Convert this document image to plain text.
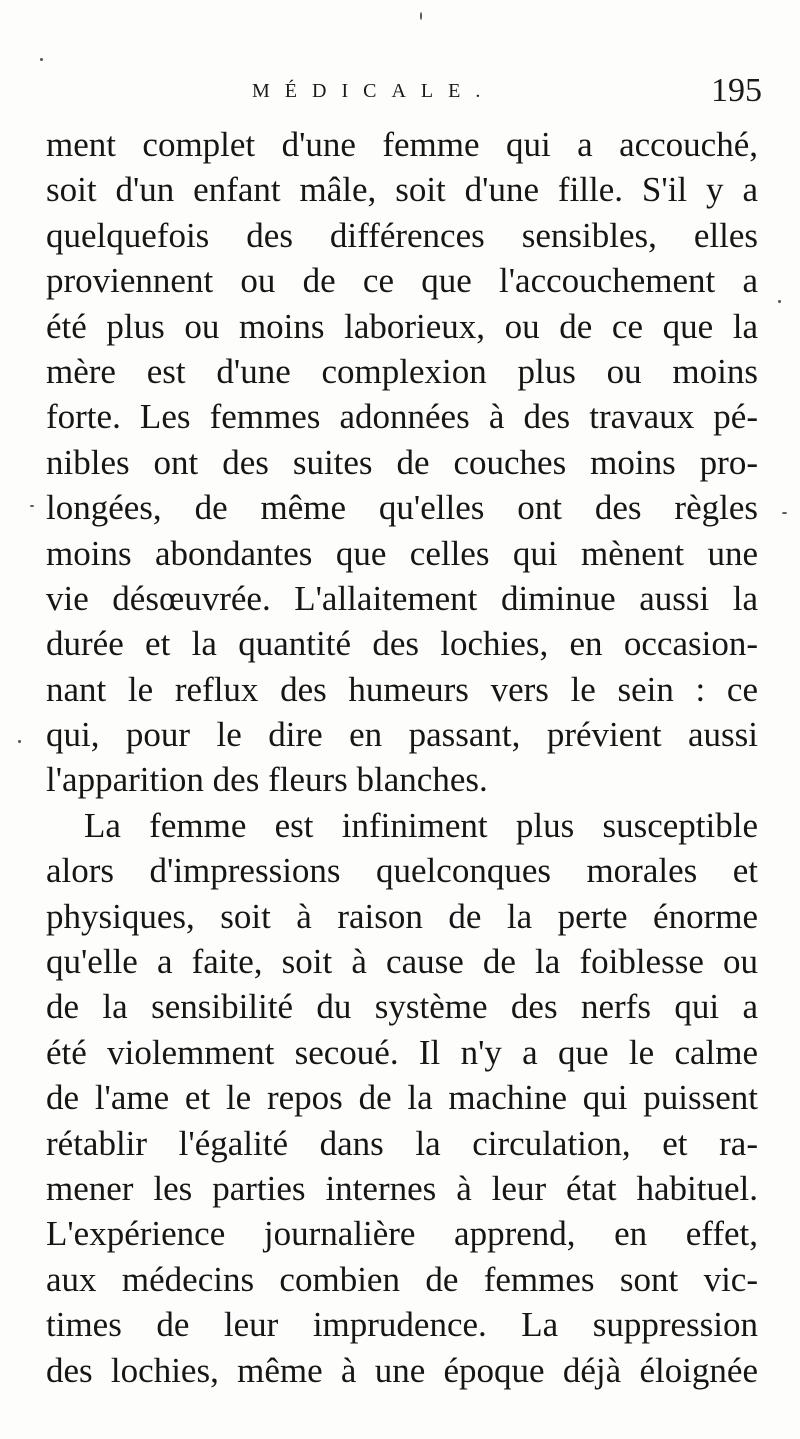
MÉDICALE.	195
ment complet d'une femme qui a accouché,
soit d'un enfant mâle, soit d'une fille. S'il y a
quelquefois des différences sensibles, elles
proviennent ou de ce que l'accouchement a
été plus ou moins laborieux, ou de ce que la
mère est d'une complexion plus ou moins
forte. Les femmes adonnées à des travaux pé-
nibles ont des suites de couches moins pro-
longées, de même qu'elles ont des règles
moins abondantes que celles qui mènent une
vie désœuvrée. L'allaitement diminue aussi la
durée et la quantité des lochies, en occasion-
nant le reflux des humeurs vers le sein : ce
qui, pour le dire en passant, prévient aussi
l'apparition des fleurs blanches.
La femme est infiniment plus susceptible
alors d'impressions quelconques morales et
physiques, soit à raison de la perte énorme
qu'elle a faite, soit à cause de la foiblesse ou
de la sensibilité du système des nerfs qui a
été violemment secoué. Il n'y a que le calme
de l'ame et le repos de la machine qui puissent
rétablir l'égalité dans la circulation, et ra-
mener les parties internes à leur état habituel.
L'expérience journalière apprend, en effet,
aux médecins combien de femmes sont vic-
times de leur imprudence. La suppression
des lochies, même à une époque déjà éloignée
